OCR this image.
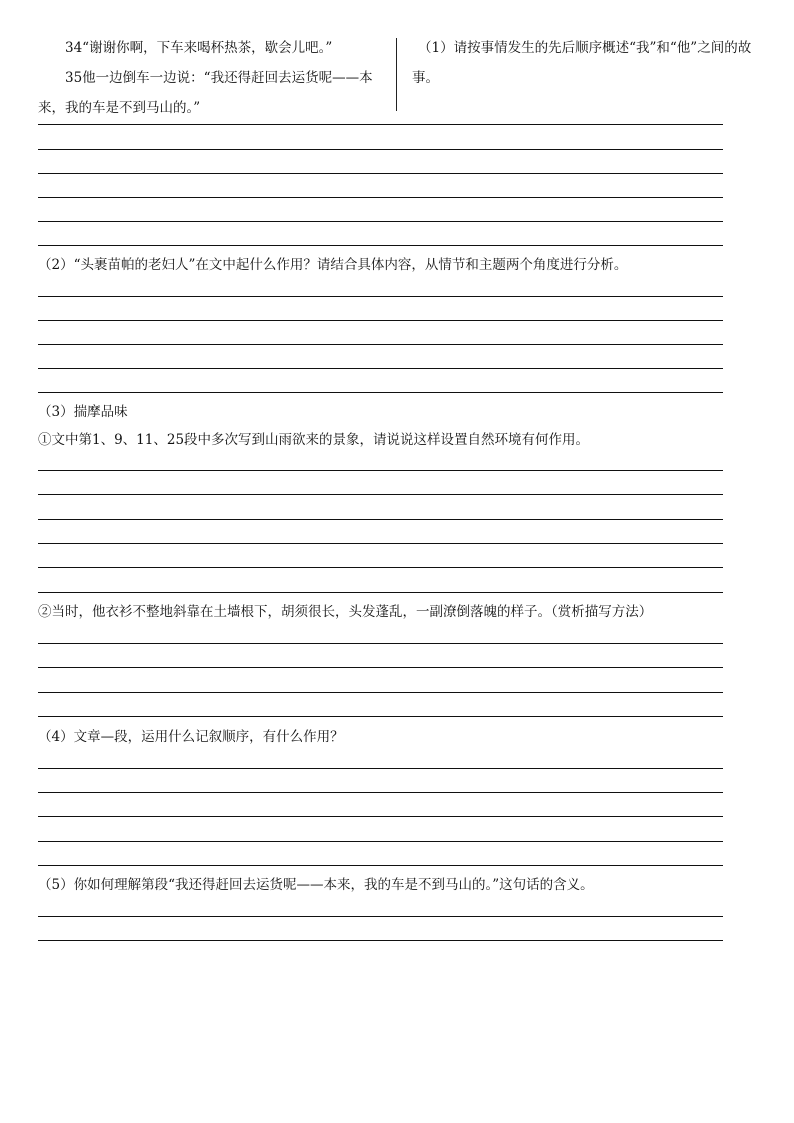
34“谢谢你啊，下车来喝杯热茶，歇会儿吧。”

35他一边倒车一边说：“我还得赶回去运货呢——本来，我的车是不到马山的。”

（1）请按事情发生的先后顺序概述“我”和“他”之间的故事。
（2）“头裹苗帕的老妇人”在文中起什么作用？请结合具体内容，从情节和主题两个角度进行分析。
（3）揣摩品味
①文中第1、9、11、25段中多次写到山雨欲来的景象，请说说这样设置自然环境有何作用。
②当时，他衣衫不整地斜靠在土墙根下，胡须很长，头发蓬乱，一副潦倒落魄的样子。（赏析描写方法）
（4）文章—段，运用什么记叙顺序，有什么作用？
（5）你如何理解第段“我还得赶回去运货呢——本来，我的车是不到马山的。”这句话的含义。
